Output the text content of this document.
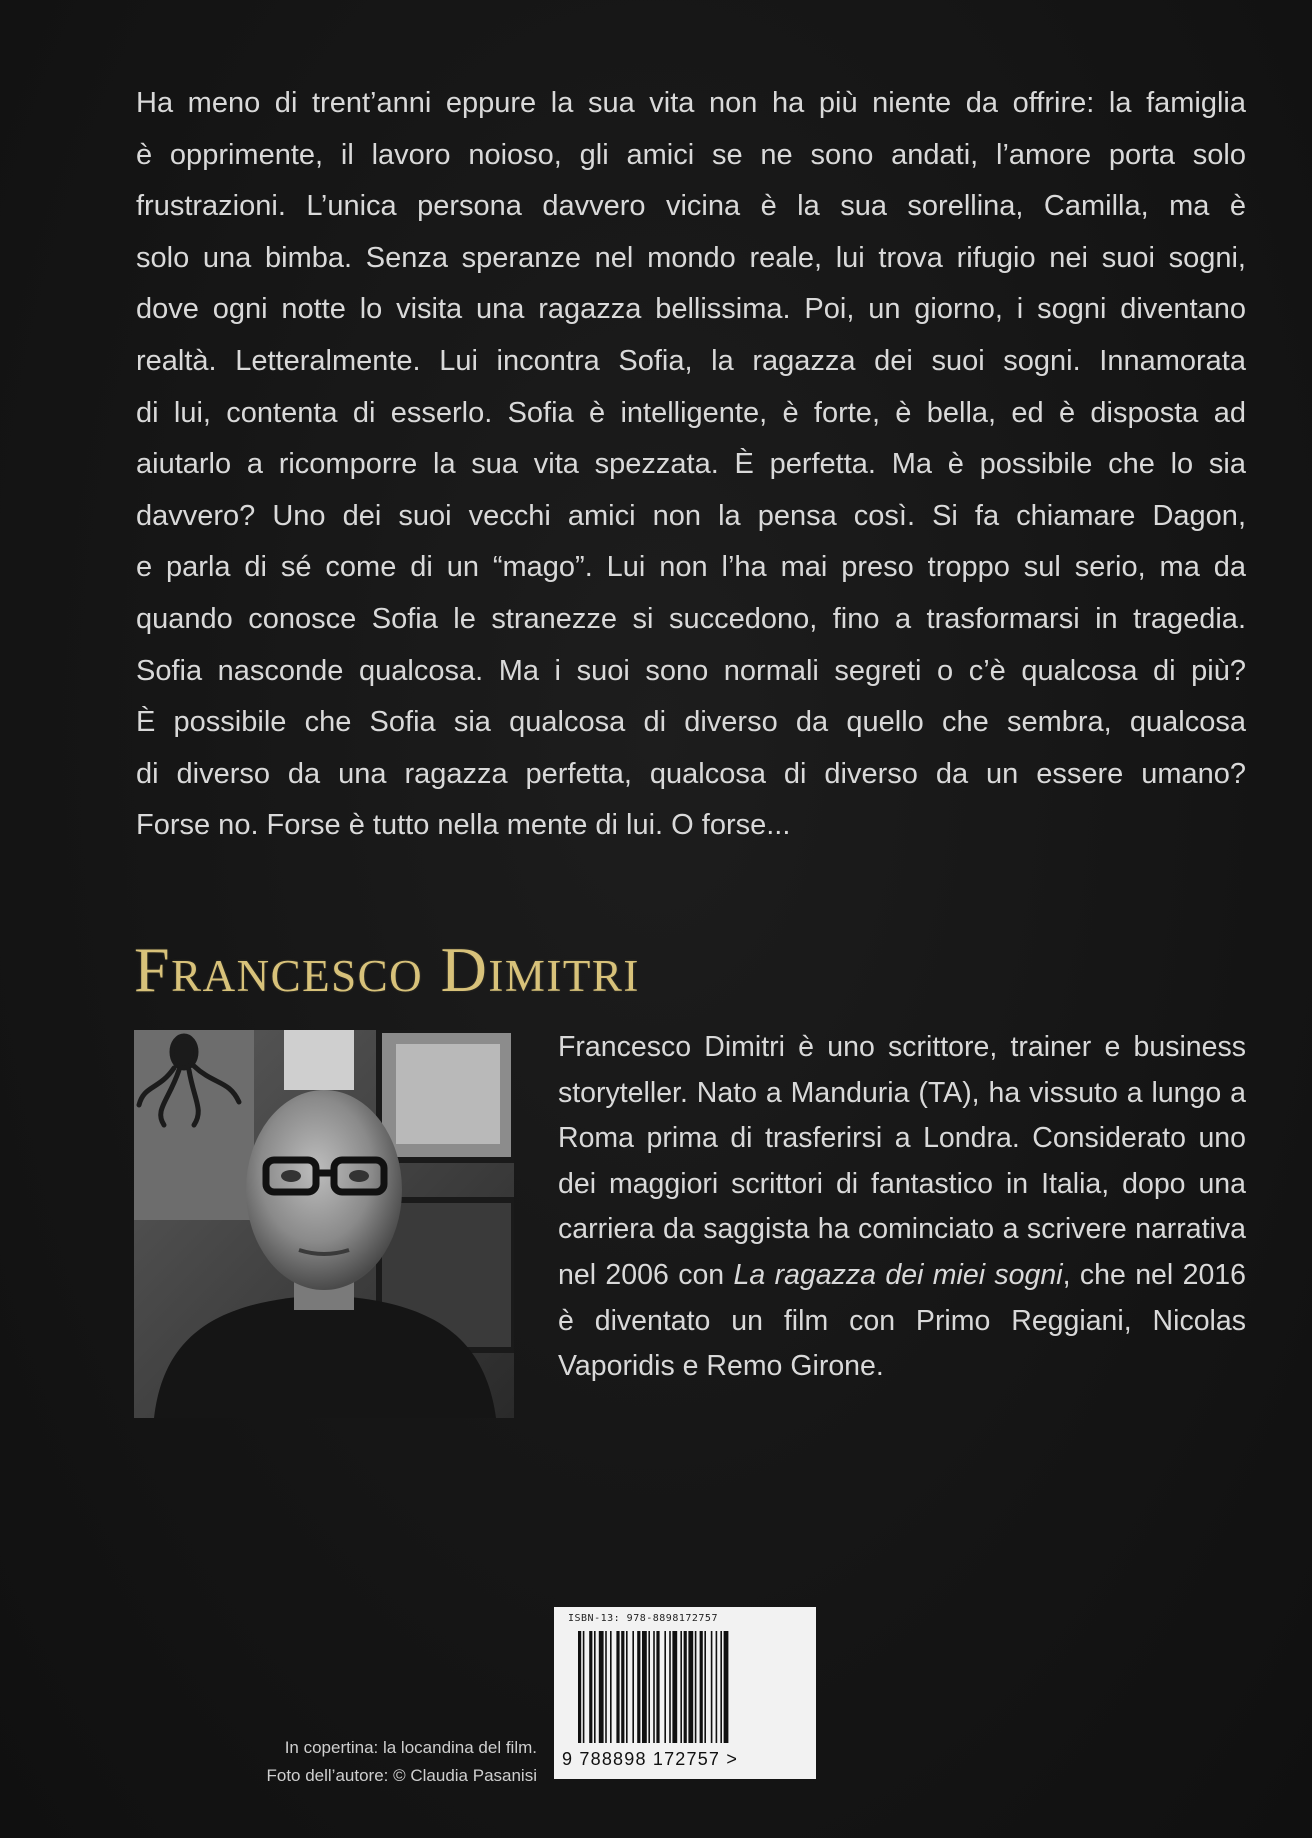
Ha meno di trent’anni eppure la sua vita non ha più niente da offrire: la famiglia

è opprimente, il lavoro noioso, gli amici se ne sono andati, l’amore porta solo

frustrazioni. L’unica persona davvero vicina è la sua sorellina, Camilla, ma è

solo una bimba. Senza speranze nel mondo reale, lui trova rifugio nei suoi sogni,

dove ogni notte lo visita una ragazza bellissima. Poi, un giorno, i sogni diventano

realtà. Letteralmente. Lui incontra Sofia, la ragazza dei suoi sogni. Innamorata

di lui, contenta di esserlo. Sofia è intelligente, è forte, è bella, ed è disposta ad

aiutarlo a ricomporre la sua vita spezzata. È perfetta. Ma è possibile che lo sia

davvero? Uno dei suoi vecchi amici non la pensa così. Si fa chiamare Dagon,

e parla di sé come di un “mago”. Lui non l’ha mai preso troppo sul serio, ma da

quando conosce Sofia le stranezze si succedono, fino a trasformarsi in tragedia.

Sofia nasconde qualcosa. Ma i suoi sono normali segreti o c’è qualcosa di più?

È possibile che Sofia sia qualcosa di diverso da quello che sembra, qualcosa

di diverso da una ragazza perfetta, qualcosa di diverso da un essere umano?

Forse no. Forse è tutto nella mente di lui. O forse...

Francesco Dimitri

Francesco Dimitri è uno scrittore, trainer e business storyteller. Nato a Manduria (TA), ha vissuto a lungo a Roma prima di trasferirsi a Londra. Considerato uno dei maggiori scrittori di fantastico in Italia, dopo una carriera da saggista ha cominciato a scrivere narrativa nel 2006 con La ragazza dei miei sogni, che nel 2016 è diventato un film con Primo Reggiani, Nicolas Vaporidis e Remo Girone.

ISBN-13: 978-8898172757
9 788898 172757 >
In copertina: la locandina del film.
Foto dell’autore: © Claudia Pasanisi
